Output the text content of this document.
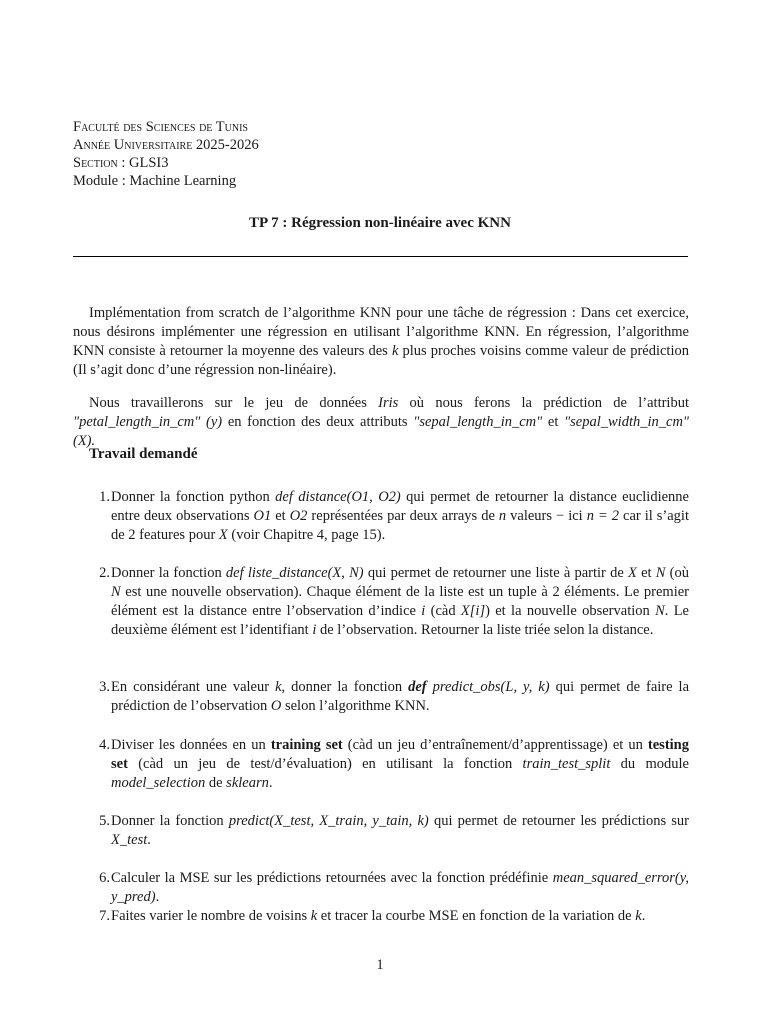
Faculté des Sciences de Tunis
Année Universitaire 2025-2026
Section : GLSI3
Module : Machine Learning
TP 7 : Régression non-linéaire avec KNN
Implémentation from scratch de l’algorithme KNN pour une tâche de régression : Dans cet exercice, nous désirons implémenter une régression en utilisant l’algorithme KNN. En régression, l’algorithme KNN consiste à retourner la moyenne des valeurs des k plus proches voisins comme valeur de prédiction (Il s’agit donc d’une régression non-linéaire).
Nous travaillerons sur le jeu de données Iris où nous ferons la prédiction de l’attribut "petal_length_in_cm" (y) en fonction des deux attributs "sepal_length_in_cm" et "sepal_width_in_cm" (X).
Travail demandé
1. Donner la fonction python def distance(O1, O2) qui permet de retourner la distance euclidienne entre deux observations O1 et O2 représentées par deux arrays de n valeurs − ici n = 2 car il s’agit de 2 features pour X (voir Chapitre 4, page 15).
2. Donner la fonction def liste_distance(X, N) qui permet de retourner une liste à partir de X et N (où N est une nouvelle observation). Chaque élément de la liste est un tuple à 2 éléments. Le premier élément est la distance entre l’observation d’indice i (càd X[i]) et la nouvelle observation N. Le deuxième élément est l’identifiant i de l’observation. Retourner la liste triée selon la distance.
3. En considérant une valeur k, donner la fonction def predict_obs(L, y, k) qui permet de faire la prédiction de l’observation O selon l’algorithme KNN.
4. Diviser les données en un training set (càd un jeu d’entraînement/d’apprentissage) et un testing set (càd un jeu de test/d’évaluation) en utilisant la fonction train_test_split du module model_selection de sklearn.
5. Donner la fonction predict(X_test, X_train, y_tain, k) qui permet de retourner les prédictions sur X_test.
6. Calculer la MSE sur les prédictions retournées avec la fonction prédéfinie mean_squared_error(y, y_pred).
7. Faites varier le nombre de voisins k et tracer la courbe MSE en fonction de la variation de k.
1
